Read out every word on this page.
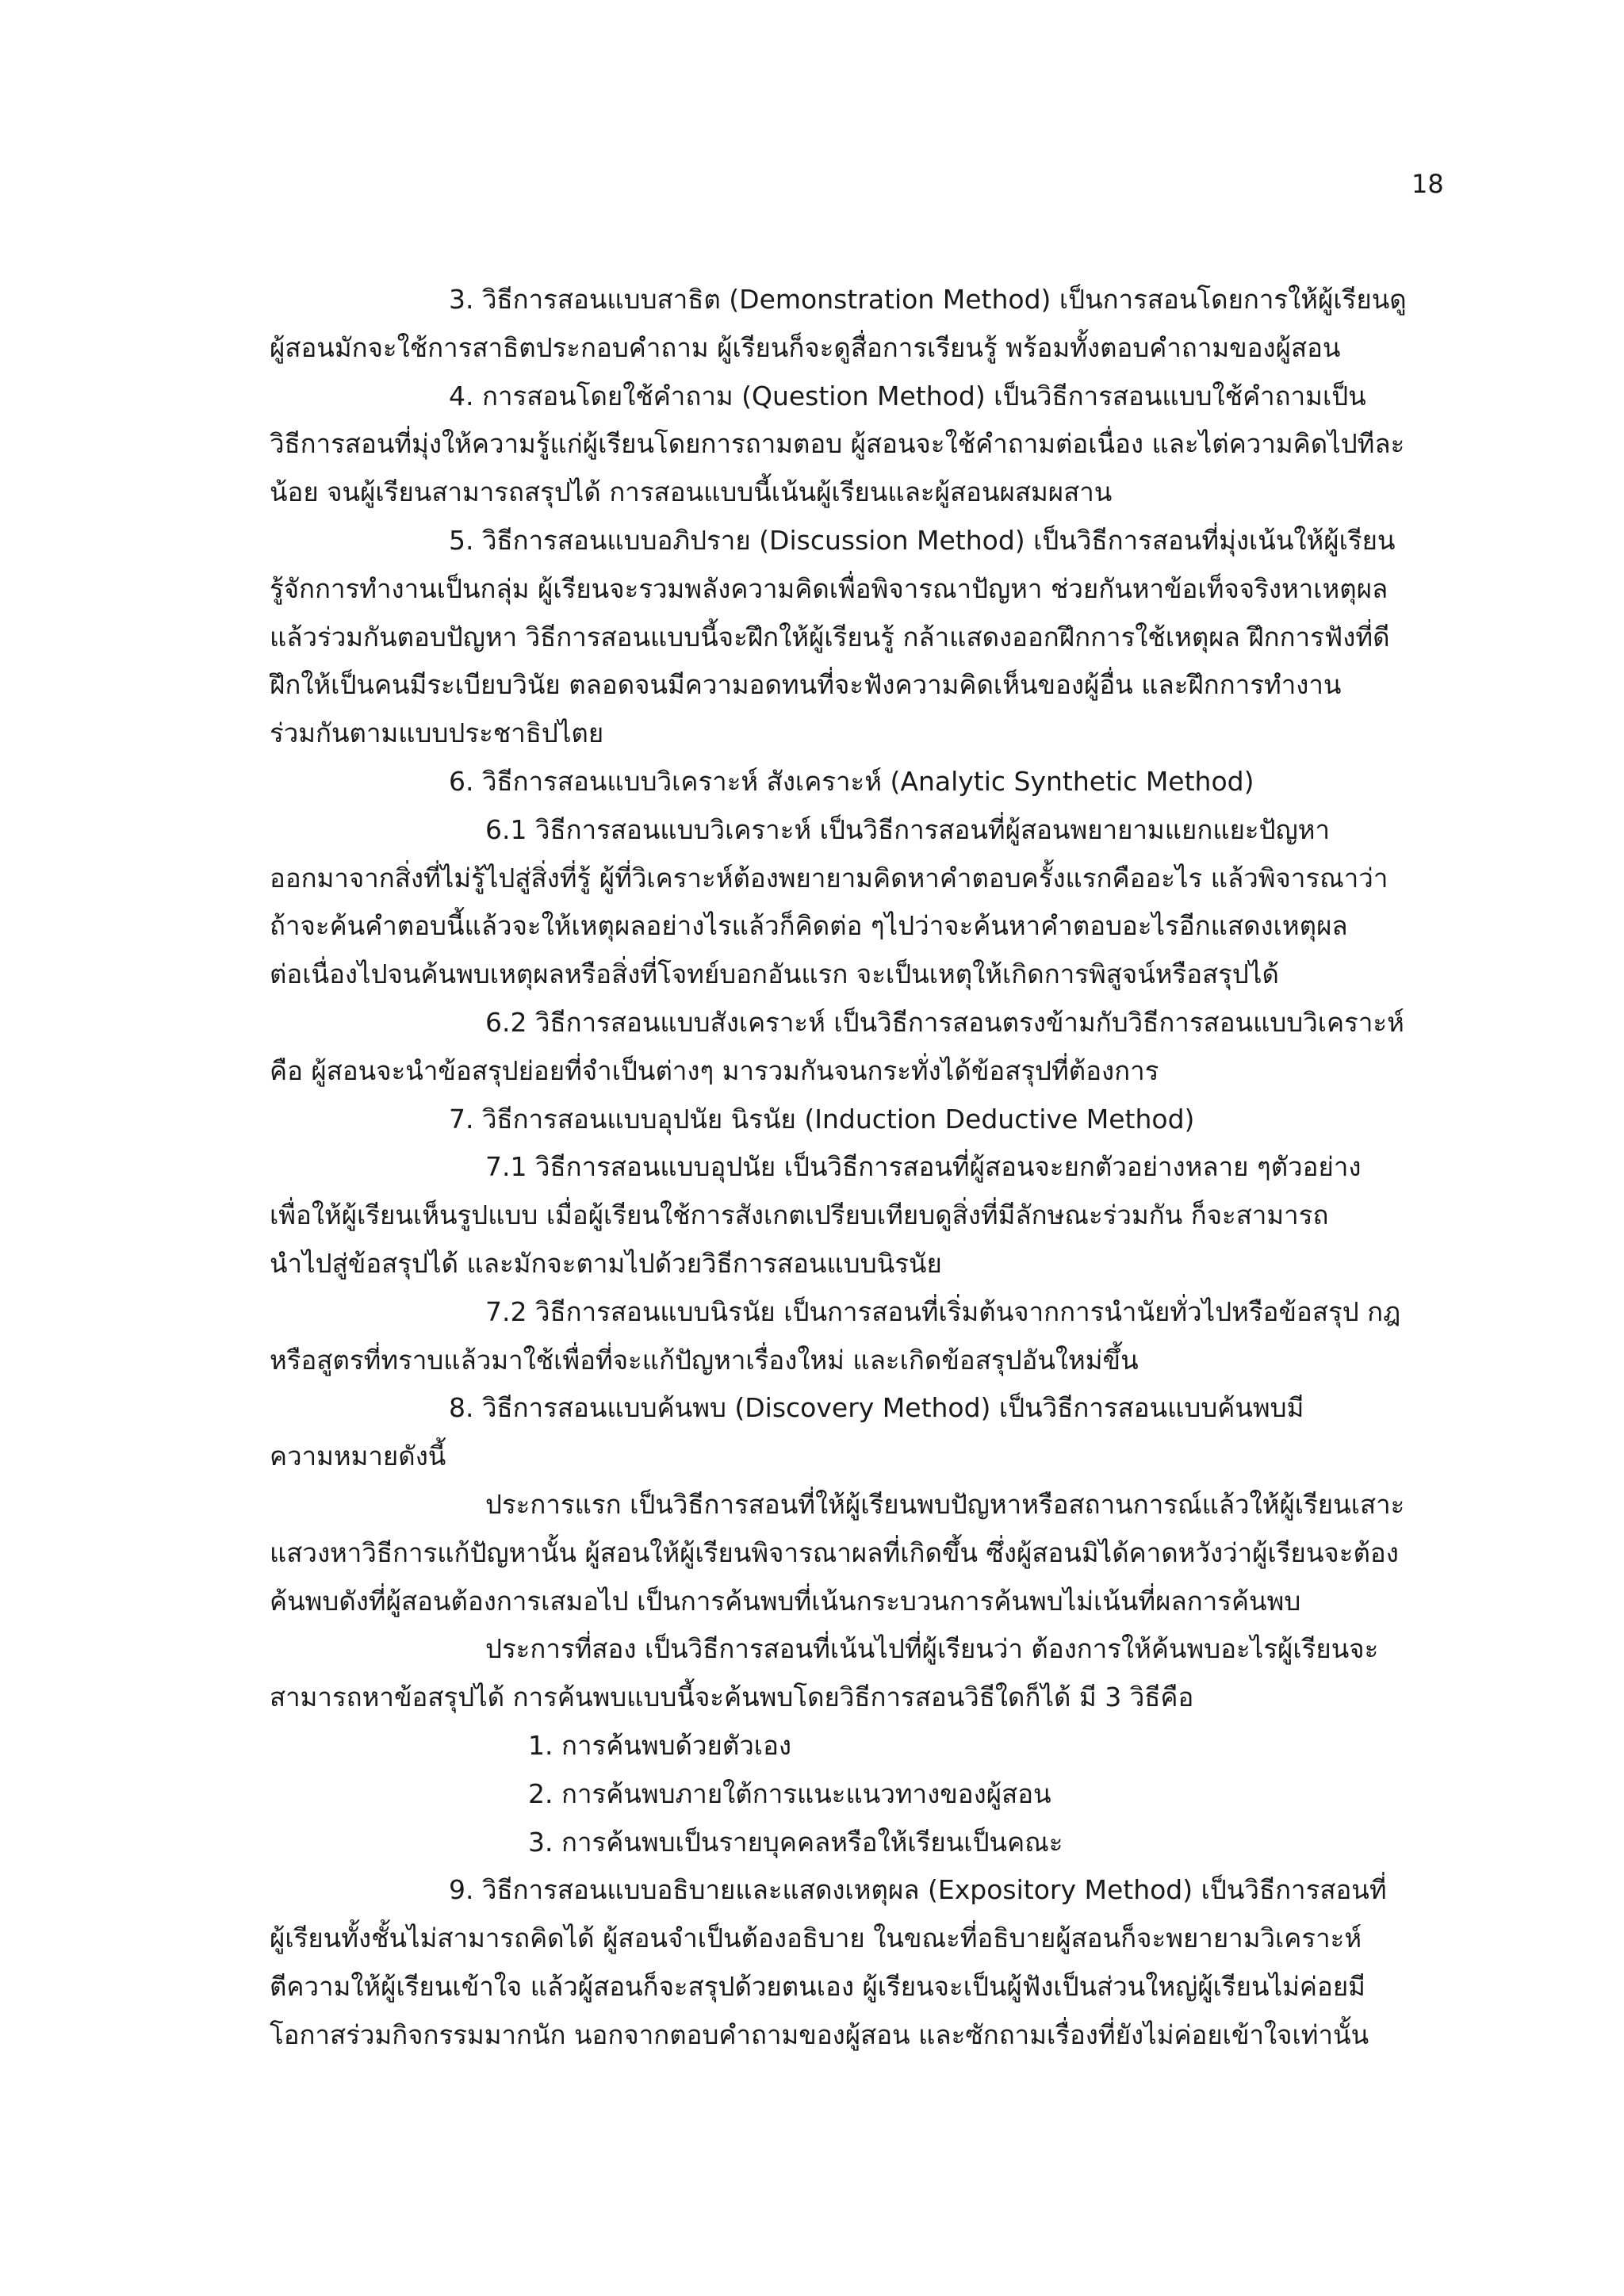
18
3. วิธีการสอนแบบสาธิต (Demonstration Method) เป็นการสอนโดยการให้ผู้เรียนดู
ผู้สอนมักจะใช้การสาธิตประกอบคำถาม ผู้เรียนก็จะดูสื่อการเรียนรู้ พร้อมทั้งตอบคำถามของผู้สอน
4. การสอนโดยใช้คำถาม (Question Method) เป็นวิธีการสอนแบบใช้คำถามเป็น
วิธีการสอนที่มุ่งให้ความรู้แก่ผู้เรียนโดยการถามตอบ ผู้สอนจะใช้คำถามต่อเนื่อง และไต่ความคิดไปทีละ
น้อย จนผู้เรียนสามารถสรุปได้ การสอนแบบนี้เน้นผู้เรียนและผู้สอนผสมผสาน
5. วิธีการสอนแบบอภิปราย (Discussion Method) เป็นวิธีการสอนที่มุ่งเน้นให้ผู้เรียน
รู้จักการทำงานเป็นกลุ่ม ผู้เรียนจะรวมพลังความคิดเพื่อพิจารณาปัญหา ช่วยกันหาข้อเท็จจริงหาเหตุผล
แล้วร่วมกันตอบปัญหา วิธีการสอนแบบนี้จะฝึกให้ผู้เรียนรู้ กล้าแสดงออกฝึกการใช้เหตุผล ฝึกการฟังที่ดี
ฝึกให้เป็นคนมีระเบียบวินัย ตลอดจนมีความอดทนที่จะฟังความคิดเห็นของผู้อื่น และฝึกการทำงาน
ร่วมกันตามแบบประชาธิปไตย
6. วิธีการสอนแบบวิเคราะห์ สังเคราะห์ (Analytic Synthetic Method)
6.1 วิธีการสอนแบบวิเคราะห์ เป็นวิธีการสอนที่ผู้สอนพยายามแยกแยะปัญหา
ออกมาจากสิ่งที่ไม่รู้ไปสู่สิ่งที่รู้ ผู้ที่วิเคราะห์ต้องพยายามคิดหาคำตอบครั้งแรกคืออะไร แล้วพิจารณาว่า
ถ้าจะค้นคำตอบนี้แล้วจะให้เหตุผลอย่างไรแล้วก็คิดต่อ ๆไปว่าจะค้นหาคำตอบอะไรอีกแสดงเหตุผล
ต่อเนื่องไปจนค้นพบเหตุผลหรือสิ่งที่โจทย์บอกอันแรก จะเป็นเหตุให้เกิดการพิสูจน์หรือสรุปได้
6.2 วิธีการสอนแบบสังเคราะห์ เป็นวิธีการสอนตรงข้ามกับวิธีการสอนแบบวิเคราะห์
คือ ผู้สอนจะนำข้อสรุปย่อยที่จำเป็นต่างๆ มารวมกันจนกระทั่งได้ข้อสรุปที่ต้องการ
7. วิธีการสอนแบบอุปนัย นิรนัย (Induction Deductive Method)
7.1 วิธีการสอนแบบอุปนัย เป็นวิธีการสอนที่ผู้สอนจะยกตัวอย่างหลาย ๆตัวอย่าง
เพื่อให้ผู้เรียนเห็นรูปแบบ เมื่อผู้เรียนใช้การสังเกตเปรียบเทียบดูสิ่งที่มีลักษณะร่วมกัน ก็จะสามารถ
นำไปสู่ข้อสรุปได้ และมักจะตามไปด้วยวิธีการสอนแบบนิรนัย
7.2 วิธีการสอนแบบนิรนัย เป็นการสอนที่เริ่มต้นจากการนำนัยทั่วไปหรือข้อสรุป กฎ
หรือสูตรที่ทราบแล้วมาใช้เพื่อที่จะแก้ปัญหาเรื่องใหม่ และเกิดข้อสรุปอันใหม่ขึ้น
8. วิธีการสอนแบบค้นพบ (Discovery Method) เป็นวิธีการสอนแบบค้นพบมี
ความหมายดังนี้
ประการแรก เป็นวิธีการสอนที่ให้ผู้เรียนพบปัญหาหรือสถานการณ์แล้วให้ผู้เรียนเสาะ
แสวงหาวิธีการแก้ปัญหานั้น ผู้สอนให้ผู้เรียนพิจารณาผลที่เกิดขึ้น ซึ่งผู้สอนมิได้คาดหวังว่าผู้เรียนจะต้อง
ค้นพบดังที่ผู้สอนต้องการเสมอไป เป็นการค้นพบที่เน้นกระบวนการค้นพบไม่เน้นที่ผลการค้นพบ
ประการที่สอง เป็นวิธีการสอนที่เน้นไปที่ผู้เรียนว่า ต้องการให้ค้นพบอะไรผู้เรียนจะ
สามารถหาข้อสรุปได้ การค้นพบแบบนี้จะค้นพบโดยวิธีการสอนวิธีใดก็ได้ มี 3 วิธีคือ
1. การค้นพบด้วยตัวเอง
2. การค้นพบภายใต้การแนะแนวทางของผู้สอน
3. การค้นพบเป็นรายบุคคลหรือให้เรียนเป็นคณะ
9. วิธีการสอนแบบอธิบายและแสดงเหตุผล (Expository Method) เป็นวิธีการสอนที่
ผู้เรียนทั้งชั้นไม่สามารถคิดได้ ผู้สอนจำเป็นต้องอธิบาย ในขณะที่อธิบายผู้สอนก็จะพยายามวิเคราะห์
ตีความให้ผู้เรียนเข้าใจ แล้วผู้สอนก็จะสรุปด้วยตนเอง ผู้เรียนจะเป็นผู้ฟังเป็นส่วนใหญ่ผู้เรียนไม่ค่อยมี
โอกาสร่วมกิจกรรมมากนัก นอกจากตอบคำถามของผู้สอน และซักถามเรื่องที่ยังไม่ค่อยเข้าใจเท่านั้น
